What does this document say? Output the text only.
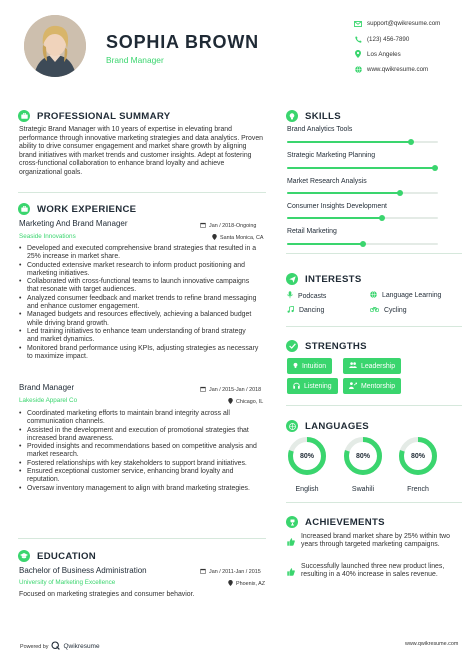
SOPHIA BROWN
Brand Manager
support@qwikresume.com
(123) 456-7890
Los Angeles
www.qwikresume.com
PROFESSIONAL SUMMARY
Strategic Brand Manager with 10 years of expertise in elevating brand performance through innovative marketing strategies and data analytics. Proven ability to drive consumer engagement and market share growth by aligning brand initiatives with market trends and customer insights. Adept at fostering cross-functional collaboration to enhance brand loyalty and achieve organizational goals.
WORK EXPERIENCE
Marketing And Brand Manager	Jan / 2018-Ongoing
Seaside Innovations	Santa Monica, CA
• Developed and executed comprehensive brand strategies that resulted in a 25% increase in market share.
• Conducted extensive market research to inform product positioning and marketing initiatives.
• Collaborated with cross-functional teams to launch innovative campaigns that resonate with target audiences.
• Analyzed consumer feedback and market trends to refine brand messaging and enhance customer engagement.
• Managed budgets and resources effectively, achieving a balanced budget while driving brand growth.
• Led training initiatives to enhance team understanding of brand strategy and market dynamics.
• Monitored brand performance using KPIs, adjusting strategies as necessary to maximize impact.
Brand Manager	Jan / 2015-Jan / 2018
Lakeside Apparel Co	Chicago, IL
• Coordinated marketing efforts to maintain brand integrity across all communication channels.
• Assisted in the development and execution of promotional strategies that increased brand awareness.
• Provided insights and recommendations based on competitive analysis and market research.
• Fostered relationships with key stakeholders to support brand initiatives.
• Ensured exceptional customer service, enhancing brand loyalty and reputation.
• Oversaw inventory management to align with brand marketing strategies.
EDUCATION
Bachelor of Business Administration	Jan / 2011-Jan / 2015
University of Marketing Excellence	Phoenix, AZ
Focused on marketing strategies and consumer behavior.
SKILLS
Brand Analytics Tools
Strategic Marketing Planning
Market Research Analysis
Consumer Insights Development
Retail Marketing
INTERESTS
Podcasts	Language Learning
Dancing	Cycling
STRENGTHS
Intuition	Leadership
Listening	Mentorship
LANGUAGES
80%
English
80%
Swahili
80%
French
ACHIEVEMENTS
Increased brand market share by 25% within two years through targeted marketing campaigns.
Successfully launched three new product lines, resulting in a 40% increase in sales revenue.
Powered by Qwikresume	www.qwikresume.com
